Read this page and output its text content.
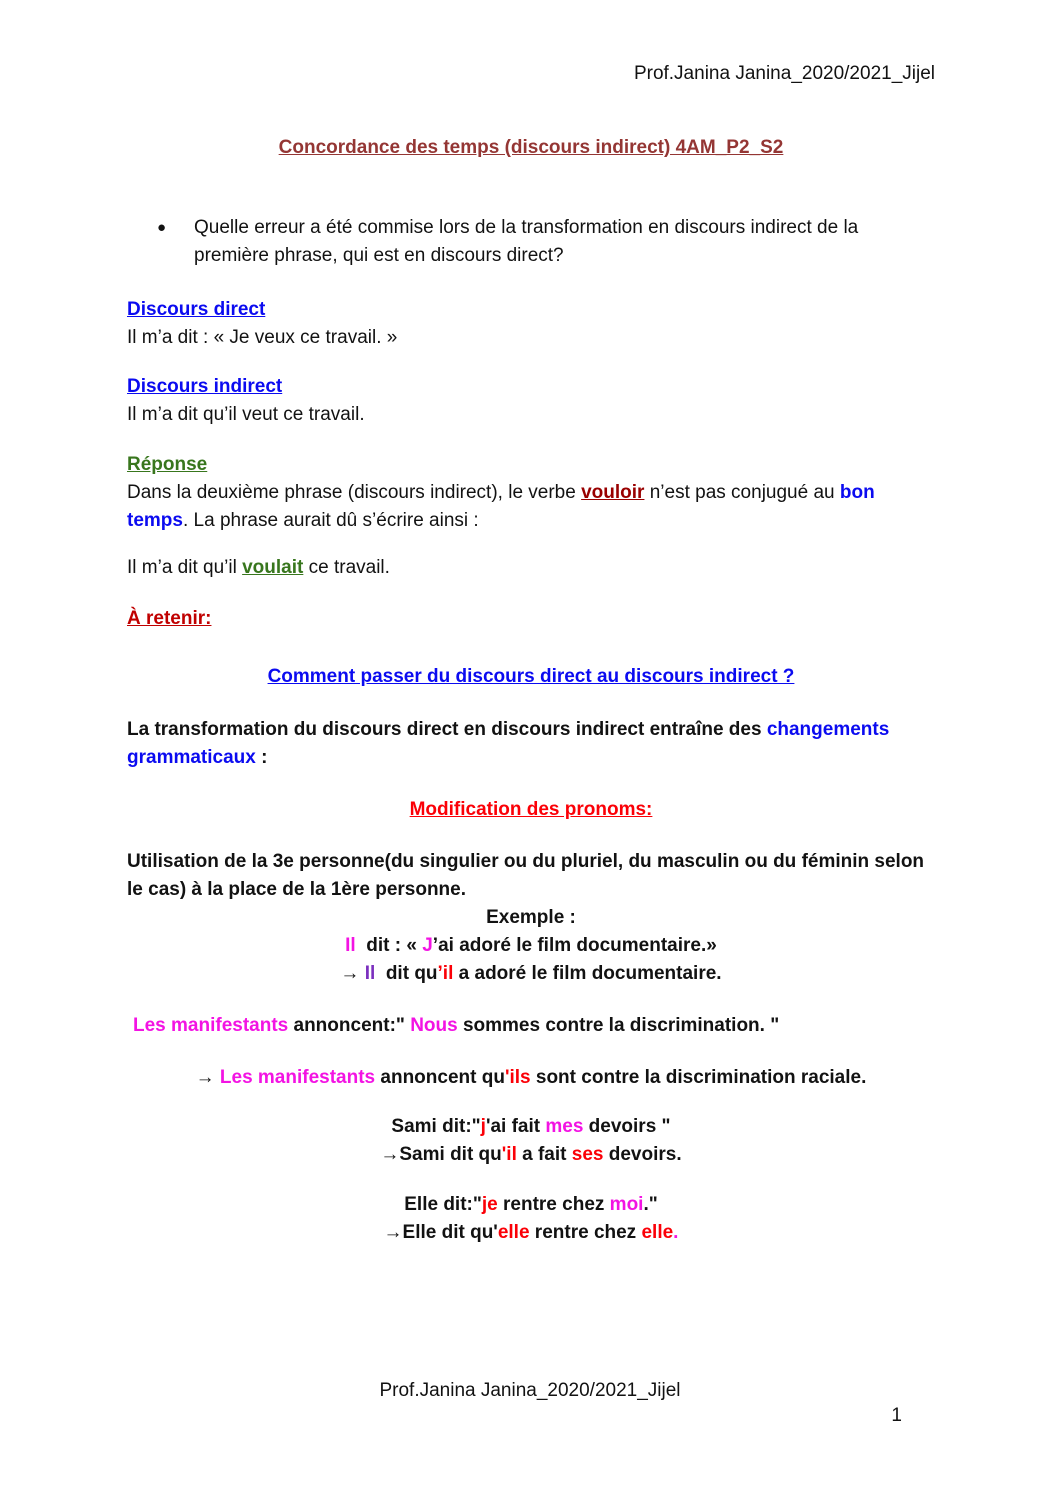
Prof.Janina Janina_2020/2021_Jijel
Concordance des temps (discours indirect) 4AM_P2_S2
●	Quelle erreur a été commise lors de la transformation en discours indirect de la première phrase, qui est en discours direct?
Discours direct

Il m’a dit : « Je veux ce travail. »

Discours indirect

Il m’a dit qu’il veut ce travail.

Réponse

Dans la deuxième phrase (discours indirect), le verbe vouloir n’est pas conjugué au bon temps. La phrase aurait dû s’écrire ainsi :

Il m’a dit qu’il voulait ce travail.

À retenir:

Comment passer du discours direct au discours indirect ?

La transformation du discours direct en discours indirect entraîne des changements grammaticaux :

Modification des pronoms:

Utilisation de la 3e personne(du singulier ou du pluriel, du masculin ou du féminin selon le cas) à la place de la 1ère personne.

Exemple :

Il  dit : « J’ai adoré le film documentaire.»

→ Il  dit qu’il a adoré le film documentaire.

Les manifestants annoncent:" Nous sommes contre la discrimination. "

→ Les manifestants annoncent qu'ils sont contre la discrimination raciale.

Sami dit:"j'ai fait mes devoirs "

→Sami dit qu'il a fait ses devoirs.

Elle dit:"je rentre chez moi."

→Elle dit qu'elle rentre chez elle.

Prof.Janina Janina_2020/2021_Jijel
1
